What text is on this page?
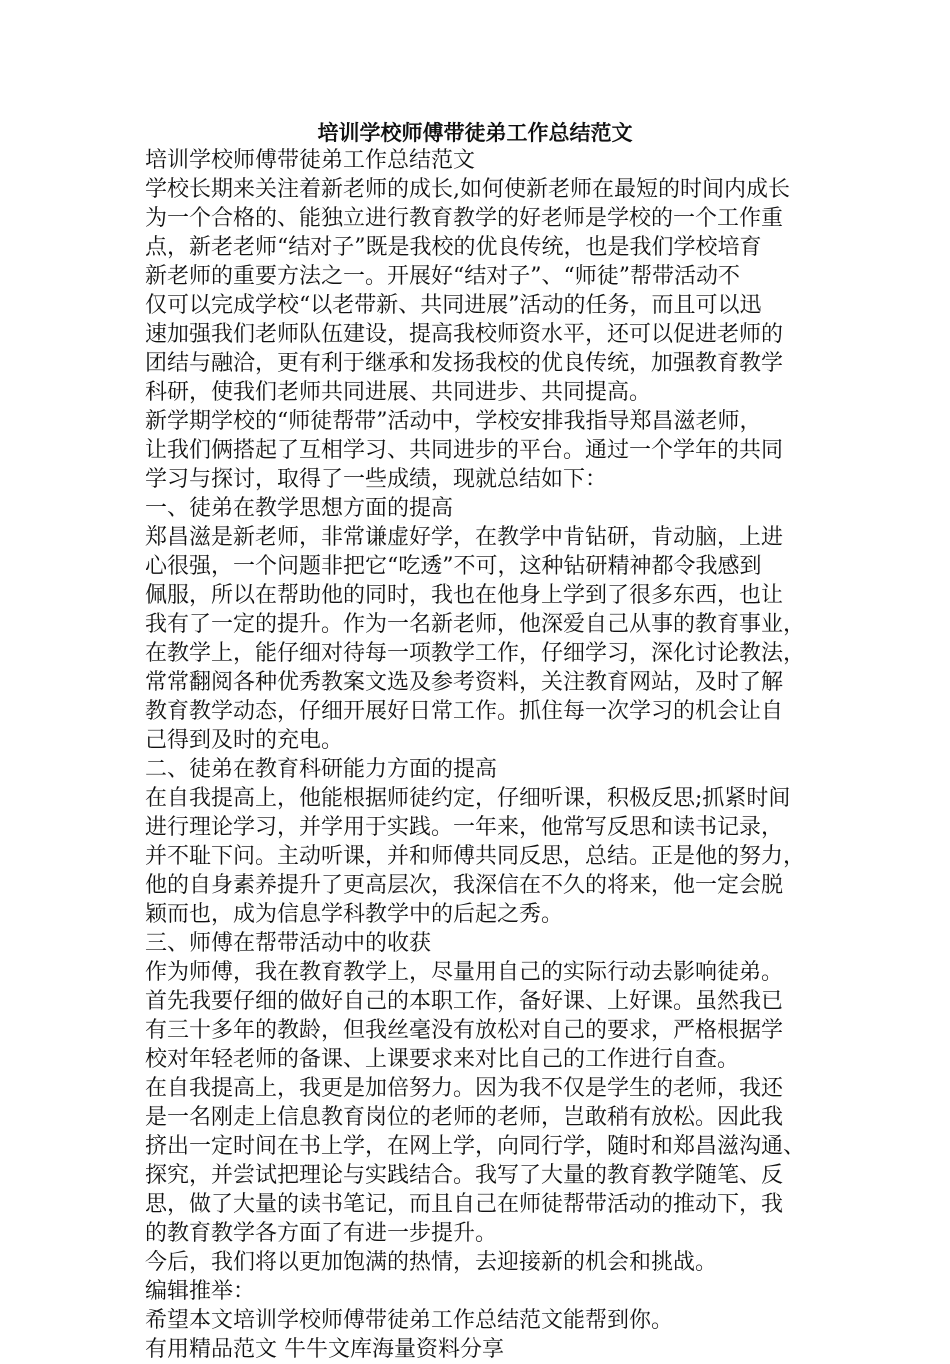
培训学校师傅带徒弟工作总结范文
培训学校师傅带徒弟工作总结范文
学校长期来关注着新老师的成长,如何使新老师在最短的时间内成长
为一个合格的、能独立进行教育教学的好老师是学校的一个工作重
点，新老老师“结对子”既是我校的优良传统，也是我们学校培育
新老师的重要方法之一。开展好“结对子”、“师徒”帮带活动不
仅可以完成学校“以老带新、共同进展”活动的任务，而且可以迅
速加强我们老师队伍建设，提高我校师资水平，还可以促进老师的
团结与融洽，更有利于继承和发扬我校的优良传统，加强教育教学
科研，使我们老师共同进展、共同进步、共同提高。
新学期学校的“师徒帮带”活动中，学校安排我指导郑昌滋老师，
让我们俩搭起了互相学习、共同进步的平台。通过一个学年的共同
学习与探讨，取得了一些成绩，现就总结如下：
一、徒弟在教学思想方面的提高
郑昌滋是新老师，非常谦虚好学，在教学中肯钻研，肯动脑，上进
心很强，一个问题非把它“吃透”不可，这种钻研精神都令我感到
佩服，所以在帮助他的同时，我也在他身上学到了很多东西，也让
我有了一定的提升。作为一名新老师，他深爱自己从事的教育事业，
在教学上，能仔细对待每一项教学工作，仔细学习，深化讨论教法，
常常翻阅各种优秀教案文选及参考资料，关注教育网站，及时了解
教育教学动态，仔细开展好日常工作。抓住每一次学习的机会让自
己得到及时的充电。
二、徒弟在教育科研能力方面的提高
在自我提高上，他能根据师徒约定，仔细听课，积极反思;抓紧时间
进行理论学习，并学用于实践。一年来，他常写反思和读书记录，
并不耻下问。主动听课，并和师傅共同反思，总结。正是他的努力，
他的自身素养提升了更高层次，我深信在不久的将来，他一定会脱
颖而也，成为信息学科教学中的后起之秀。
三、师傅在帮带活动中的收获
作为师傅，我在教育教学上，尽量用自己的实际行动去影响徒弟。
首先我要仔细的做好自己的本职工作，备好课、上好课。虽然我已
有三十多年的教龄，但我丝毫没有放松对自己的要求，严格根据学
校对年轻老师的备课、上课要求来对比自己的工作进行自查。
在自我提高上，我更是加倍努力。因为我不仅是学生的老师，我还
是一名刚走上信息教育岗位的老师的老师，岂敢稍有放松。因此我
挤出一定时间在书上学，在网上学，向同行学，随时和郑昌滋沟通、
探究，并尝试把理论与实践结合。我写了大量的教育教学随笔、反
思，做了大量的读书笔记，而且自己在师徒帮带活动的推动下，我
的教育教学各方面了有进一步提升。
今后，我们将以更加饱满的热情，去迎接新的机会和挑战。
编辑推举：
希望本文培训学校师傅带徒弟工作总结范文能帮到你。
有用精品范文 牛牛文库海量资料分享
